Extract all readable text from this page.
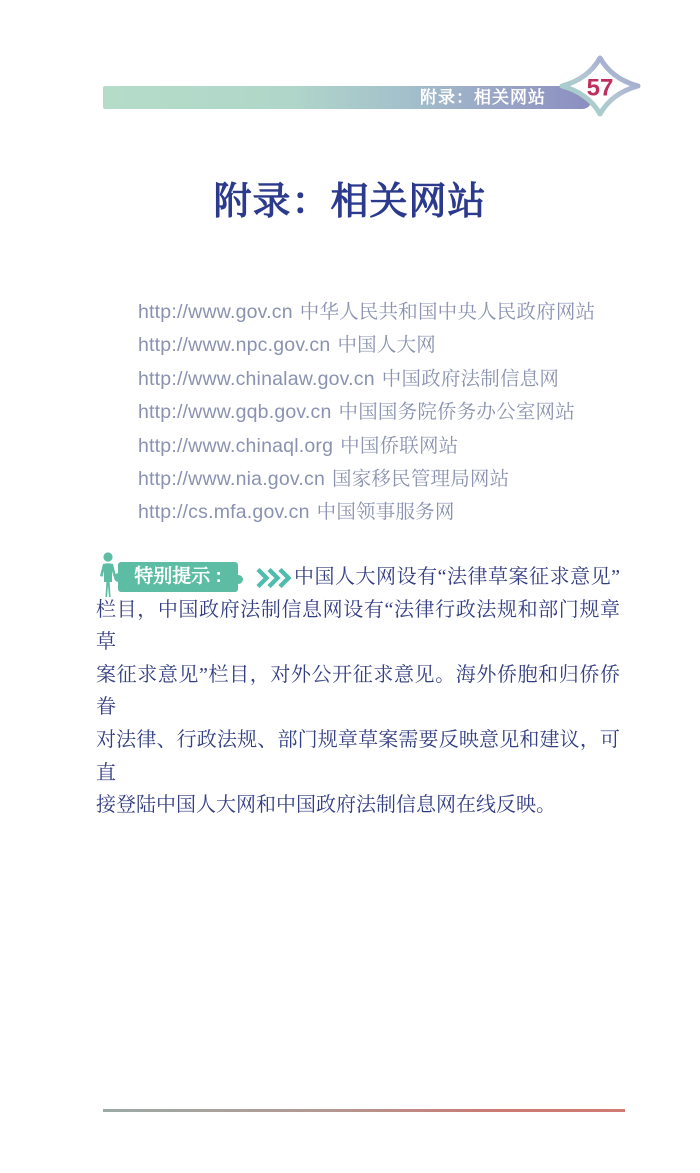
附录：相关网站	57
附录：相关网站
http://www.gov.cn 中华人民共和国中央人民政府网站
http://www.npc.gov.cn 中国人大网
http://www.chinalaw.gov.cn 中国政府法制信息网
http://www.gqb.gov.cn 中国国务院侨务办公室网站
http://www.chinaql.org 中国侨联网站
http://www.nia.gov.cn 国家移民管理局网站
http://cs.mfa.gov.cn 中国领事服务网
特别提示 :	中国人大网设有“法律草案征求意见”
栏目，中国政府法制信息网设有“法律行政法规和部门规章草
案征求意见”栏目，对外公开征求意见。海外侨胞和归侨侨眷
对法律、行政法规、部门规章草案需要反映意见和建议，可直
接登陆中国人大网和中国政府法制信息网在线反映。
